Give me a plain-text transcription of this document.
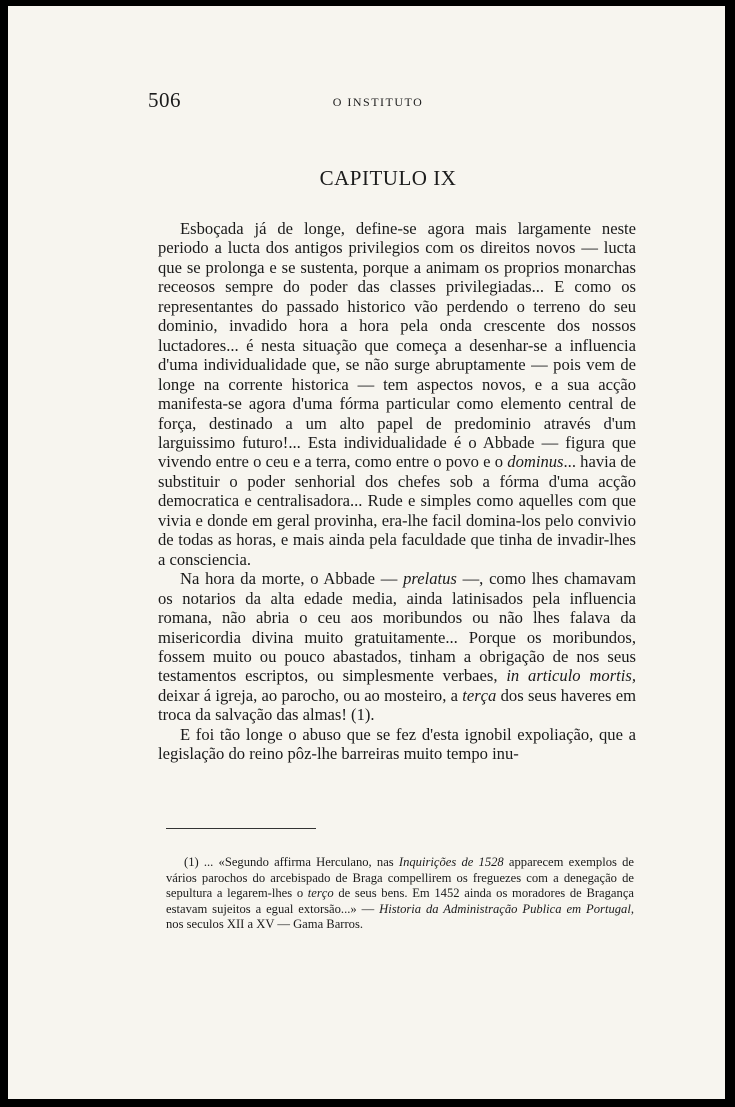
506	O INSTITUTO
CAPITULO IX

Esboçada já de longe, define-se agora mais largamente neste periodo a lucta dos antigos privilegios com os direitos novos — lucta que se prolonga e se sustenta, porque a animam os proprios monarchas receosos sempre do poder das classes privilegiadas... E como os representantes do passado historico vão perdendo o terreno do seu dominio, invadido hora a hora pela onda crescente dos nossos luctadores... é nesta situação que começa a desenhar-se a influencia d'uma individualidade que, se não surge abruptamente — pois vem de longe na corrente historica — tem aspectos novos, e a sua acção manifesta-se agora d'uma fórma particular como elemento central de força, destinado a um alto papel de predominio através d'um larguissimo futuro!... Esta individualidade é o Abbade — figura que vivendo entre o ceu e a terra, como entre o povo e o dominus... havia de substituir o poder senhorial dos chefes sob a fórma d'uma acção democratica e centralisadora... Rude e simples como aquelles com que vivia e donde em geral provinha, era-lhe facil domina-los pelo convivio de todas as horas, e mais ainda pela faculdade que tinha de invadir-lhes a consciencia.

Na hora da morte, o Abbade — prelatus —, como lhes chamavam os notarios da alta edade media, ainda latinisados pela influencia romana, não abria o ceu aos moribundos ou não lhes falava da misericordia divina muito gratuitamente... Porque os moribundos, fossem muito ou pouco abastados, tinham a obrigação de nos seus testamentos escriptos, ou simplesmente verbaes, in articulo mortis, deixar á igreja, ao parocho, ou ao mosteiro, a terça dos seus haveres em troca da salvação das almas! (1).

E foi tão longe o abuso que se fez d'esta ignobil expoliação, que a legislação do reino pôz-lhe barreiras muito tempo inu-

(1) ... «Segundo affirma Herculano, nas Inquirições de 1528 apparecem exemplos de vários parochos do arcebispado de Braga compellirem os freguezes com a denegação de sepultura a legarem-lhes o terço de seus bens. Em 1452 ainda os moradores de Bragança estavam sujeitos a egual extorsão...» — Historia da Administração Publica em Portugal, nos seculos XII a XV — Gama Barros.
